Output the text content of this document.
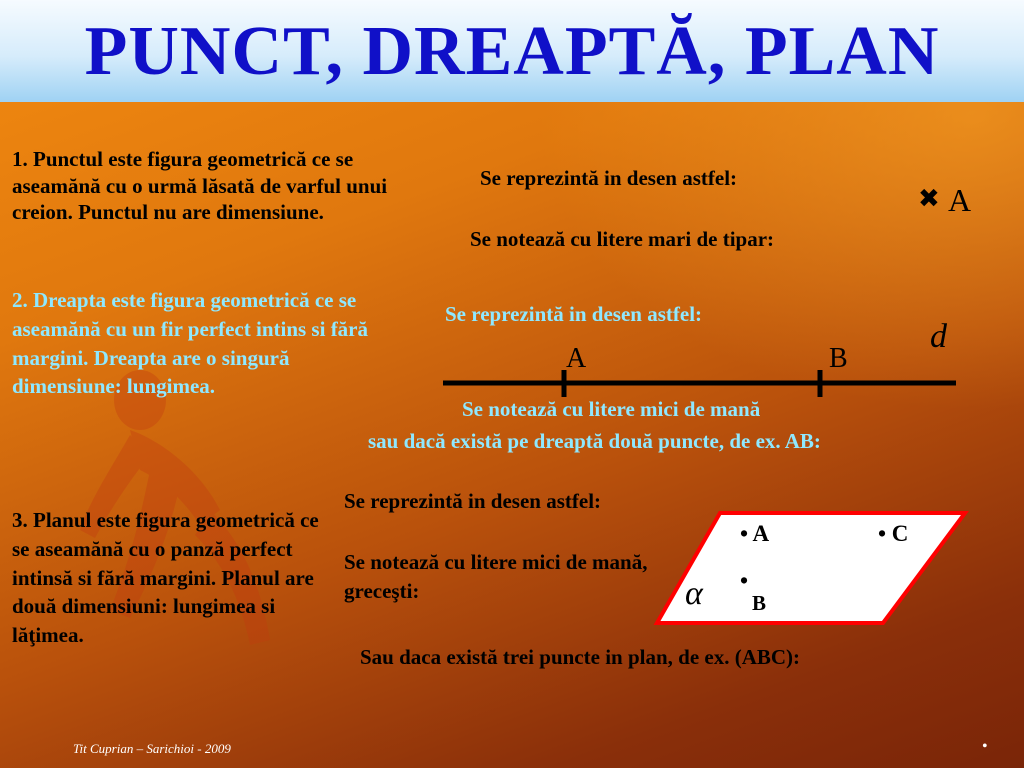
PUNCT, DREAPTĂ, PLAN
1. Punctul este figura geometrică ce se aseamănă cu o urmă lăsată de varful unui creion. Punctul nu are dimensiune.
2. Dreapta este figura geometrică ce se aseamănă cu un fir perfect intins si fără margini. Dreapta are o singură dimensiune: lungimea.
3. Planul este figura geometrică ce se aseamănă cu o panză perfect intinsă si fără margini. Planul are două dimensiuni: lungimea si lăţimea.
Se reprezintă in desen astfel:
Se notează cu litere mari de tipar:
✖ A
Se reprezintă in desen astfel:
A	B
d
Se notează cu litere mici de mană
sau dacă există pe dreaptă două puncte, de ex. AB:
Se reprezintă in desen astfel:
Se notează cu litere mici de mană, greceşti:
Sau daca există trei puncte in plan, de ex. (ABC):
• A	• C
•
B
α
Tit Cuprian – Sarichioi - 2009	•
